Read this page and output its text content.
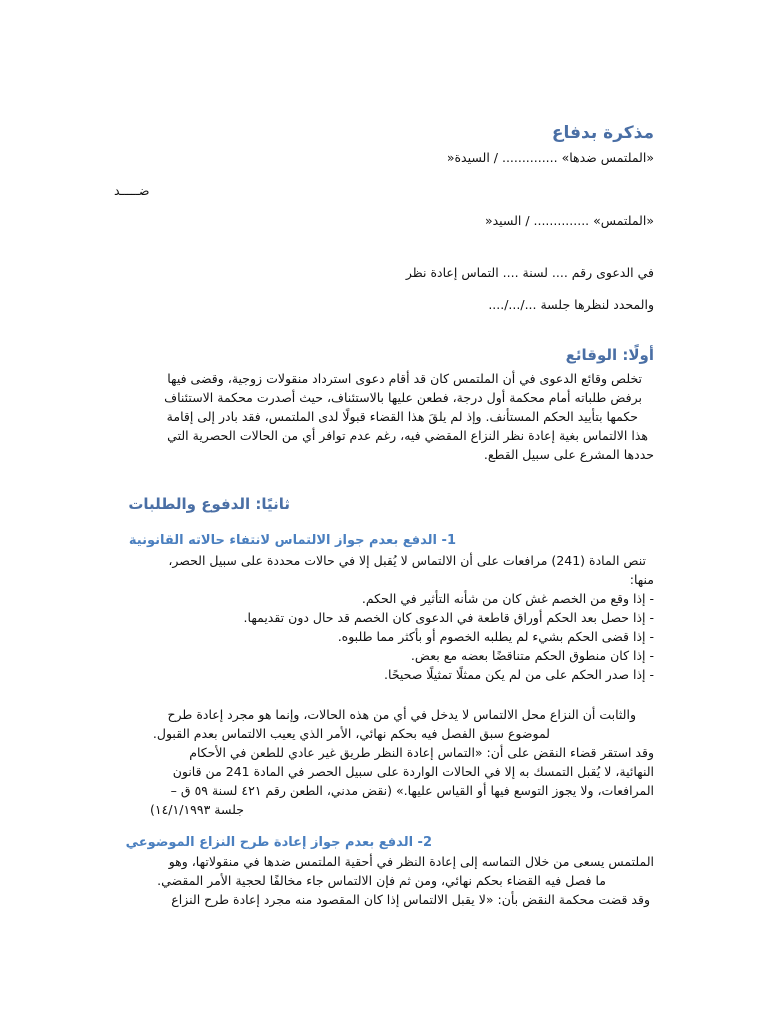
مذكرة بدفاع
«الملتمس ضدها» .............. / السيدة«
ضـــــد
«الملتمس» .............. / السيد«
في الدعوى رقم .... لسنة .... التماس إعادة نظر
والمحدد لنظرها جلسة .../.../....
أولًا: الوقائع
تخلص وقائع الدعوى في أن الملتمس كان قد أقام دعوى استرداد منقولات زوجية، وقضى فيها
برفض طلباته أمام محكمة أول درجة، فطعن عليها بالاستئناف، حيث أصدرت محكمة الاستئناف
حكمها بتأييد الحكم المستأنف. وإذ لم يلقَ هذا القضاء قبولًا لدى الملتمس، فقد بادر إلى إقامة
هذا الالتماس بغية إعادة نظر النزاع المقضي فيه، رغم عدم توافر أي من الحالات الحصرية التي
حددها المشرع على سبيل القطع.
ثانيًا: الدفوع والطلبات
1- الدفع بعدم جواز الالتماس لانتفاء حالاته القانونية
تنص المادة (241) مرافعات على أن الالتماس لا يُقبل إلا في حالات محددة على سبيل الحصر،
منها:
- إذا وقع من الخصم غش كان من شأنه التأثير في الحكم.
- إذا حصل بعد الحكم أوراق قاطعة في الدعوى كان الخصم قد حال دون تقديمها.
- إذا قضى الحكم بشيء لم يطلبه الخصوم أو بأكثر مما طلبوه.
- إذا كان منطوق الحكم متناقضًا بعضه مع بعض.
- إذا صدر الحكم على من لم يكن ممثلًا تمثيلًا صحيحًا.
والثابت أن النزاع محل الالتماس لا يدخل في أي من هذه الحالات، وإنما هو مجرد إعادة طرح
لموضوع سبق الفصل فيه بحكم نهائي، الأمر الذي يعيب الالتماس بعدم القبول.
وقد استقر قضاء النقض على أن: «التماس إعادة النظر طريق غير عادي للطعن في الأحكام
النهائية، لا يُقبل التمسك به إلا في الحالات الواردة على سبيل الحصر في المادة 241 من قانون
المرافعات، ولا يجوز التوسع فيها أو القياس عليها.» (نقض مدني، الطعن رقم ٤٢١ لسنة ٥٩ ق –
جلسة ١٤/١/١٩٩٣)
2- الدفع بعدم جواز إعادة طرح النزاع الموضوعي
الملتمس يسعى من خلال التماسه إلى إعادة النظر في أحقية الملتمس ضدها في منقولاتها، وهو
ما فصل فيه القضاء بحكم نهائي، ومن ثم فإن الالتماس جاء مخالفًا لحجية الأمر المقضي.
وقد قضت محكمة النقض بأن: «لا يقبل الالتماس إذا كان المقصود منه مجرد إعادة طرح النزاع
